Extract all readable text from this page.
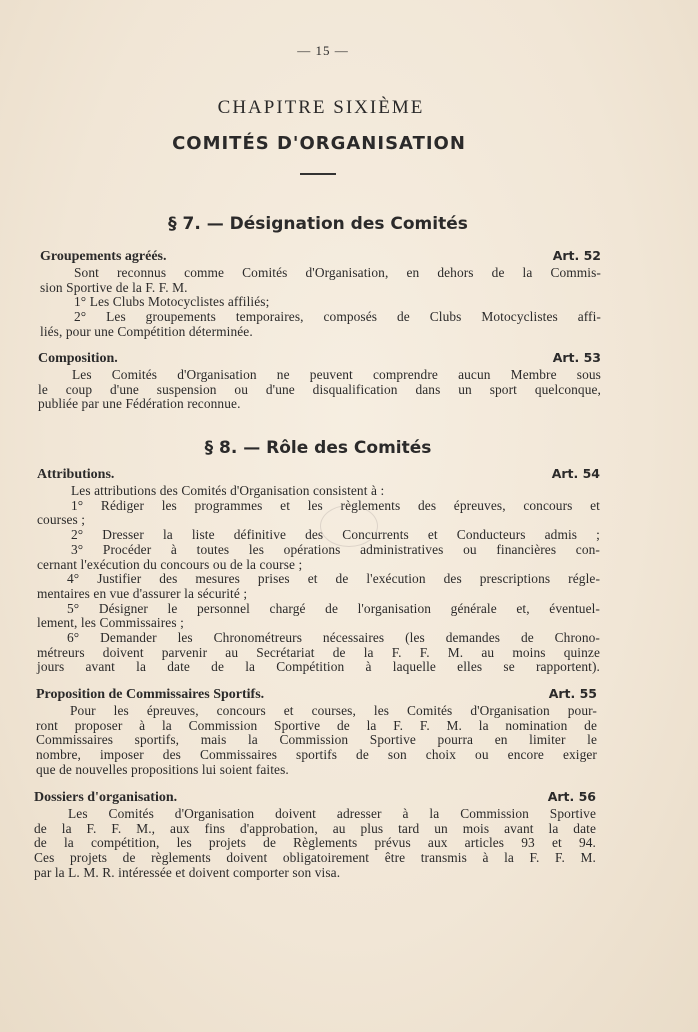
— 15 —
CHAPITRE SIXIÈME
COMITÉS D'ORGANISATION
§ 7. — Désignation des Comités
Groupements agréés.	Art. 52
Sont reconnus comme Comités d'Organisation, en dehors de la Commis-
sion Sportive de la F. F. M.
1° Les Clubs Motocyclistes affiliés;
2° Les groupements temporaires, composés de Clubs Motocyclistes affi-
liés, pour une Compétition déterminée.
Composition.	Art. 53
Les Comités d'Organisation ne peuvent comprendre aucun Membre sous
le coup d'une suspension ou d'une disqualification dans un sport quelconque,
publiée par une Fédération reconnue.
§ 8. — Rôle des Comités
Attributions.	Art. 54
Les attributions des Comités d'Organisation consistent à :
1° Rédiger les programmes et les règlements des épreuves, concours et
courses ;
2° Dresser la liste définitive des Concurrents et Conducteurs admis ;
3° Procéder à toutes les opérations administratives ou financières con-
cernant l'exécution du concours ou de la course ;
4° Justifier des mesures prises et de l'exécution des prescriptions régle-
mentaires en vue d'assurer la sécurité ;
5° Désigner le personnel chargé de l'organisation générale et, éventuel-
lement, les Commissaires ;
6° Demander les Chronométreurs nécessaires (les demandes de Chrono-
métreurs doivent parvenir au Secrétariat de la F. F. M. au moins quinze
jours avant la date de la Compétition à laquelle elles se rapportent).
Proposition de Commissaires Sportifs.	Art. 55
Pour les épreuves, concours et courses, les Comités d'Organisation pour-
ront proposer à la Commission Sportive de la F. F. M. la nomination de
Commissaires sportifs, mais la Commission Sportive pourra en limiter le
nombre, imposer des Commissaires sportifs de son choix ou encore exiger
que de nouvelles propositions lui soient faites.
Dossiers d'organisation.	Art. 56
Les Comités d'Organisation doivent adresser à la Commission Sportive
de la F. F. M., aux fins d'approbation, au plus tard un mois avant la date
de la compétition, les projets de Règlements prévus aux articles 93 et 94.
Ces projets de règlements doivent obligatoirement être transmis à la F. F. M.
par la L. M. R. intéressée et doivent comporter son visa.
